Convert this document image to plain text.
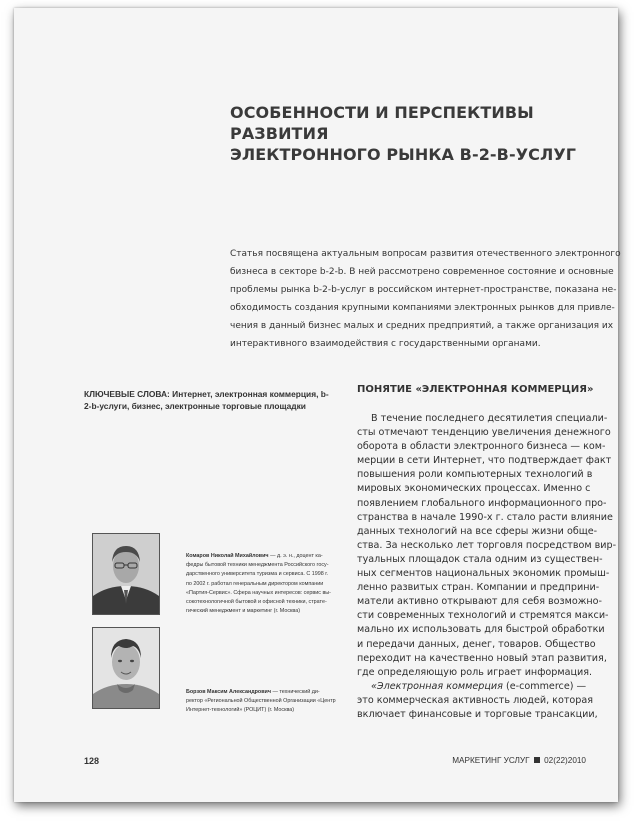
ОСОБЕННОСТИ И ПЕРСПЕКТИВЫ РАЗВИТИЯ
ЭЛЕКТРОННОГО РЫНКА B-2-B-УСЛУГ
Статья посвящена актуальным вопросам развития отечественного электронного
бизнеса в секторе b-2-b. В ней рассмотрено современное состояние и основные
проблемы рынка b-2-b-услуг в российском интернет-пространстве, показана не-
обходимость создания крупными компаниями электронных рынков для привле-
чения в данный бизнес малых и средних предприятий, а также организация их
интерактивного взаимодействия с государственными органами.
КЛЮЧЕВЫЕ СЛОВА: Интернет, электронная коммерция, b-2-b-услуги, бизнес, электронные торговые площадки
ПОНЯТИЕ «ЭЛЕКТРОННАЯ КОММЕРЦИЯ»
В течение последнего десятилетия специали-
сты отмечают тенденцию увеличения денежного
оборота в области электронного бизнеса — ком-
мерции в сети Интернет, что подтверждает факт
повышения роли компьютерных технологий в
мировых экономических процессах. Именно с
появлением глобального информационного про-
странства в начале 1990-х г. стало расти влияние
данных технологий на все сферы жизни обще-
ства. За несколько лет торговля посредством вир-
туальных площадок стала одним из существен-
ных сегментов национальных экономик промыш-
ленно развитых стран. Компании и предприни-
матели активно открывают для себя возможно-
сти современных технологий и стремятся макси-
мально их использовать для быстрой обработки
и передачи данных, денег, товаров. Общество
переходит на качественно новый этап развития,
где определяющую роль играет информация.
«Электронная коммерция (e-commerce) —
это коммерческая активность людей, которая
включает финансовые и торговые трансакции,
Комаров Николай Михайлович — д. э. н., доцент ка-
федры бытовой техники менеджмента Российского госу-
дарственного университета туризма и сервиса. С 1998 г.
по 2002 г. работал генеральным директором компании
«Партия-Сервис». Сфера научных интересов: сервис вы-
сокотехнологичной бытовой и офисной техники, страте-
гический менеджмент и маркетинг (г. Москва)
Борзов Максим Александрович — технический ди-
ректор «Региональной Общественной Организации «Центр
Интернет-технологий» (РОЦИТ) (г. Москва)
128	МАРКЕТИНГ УСЛУГ 02(22)2010
